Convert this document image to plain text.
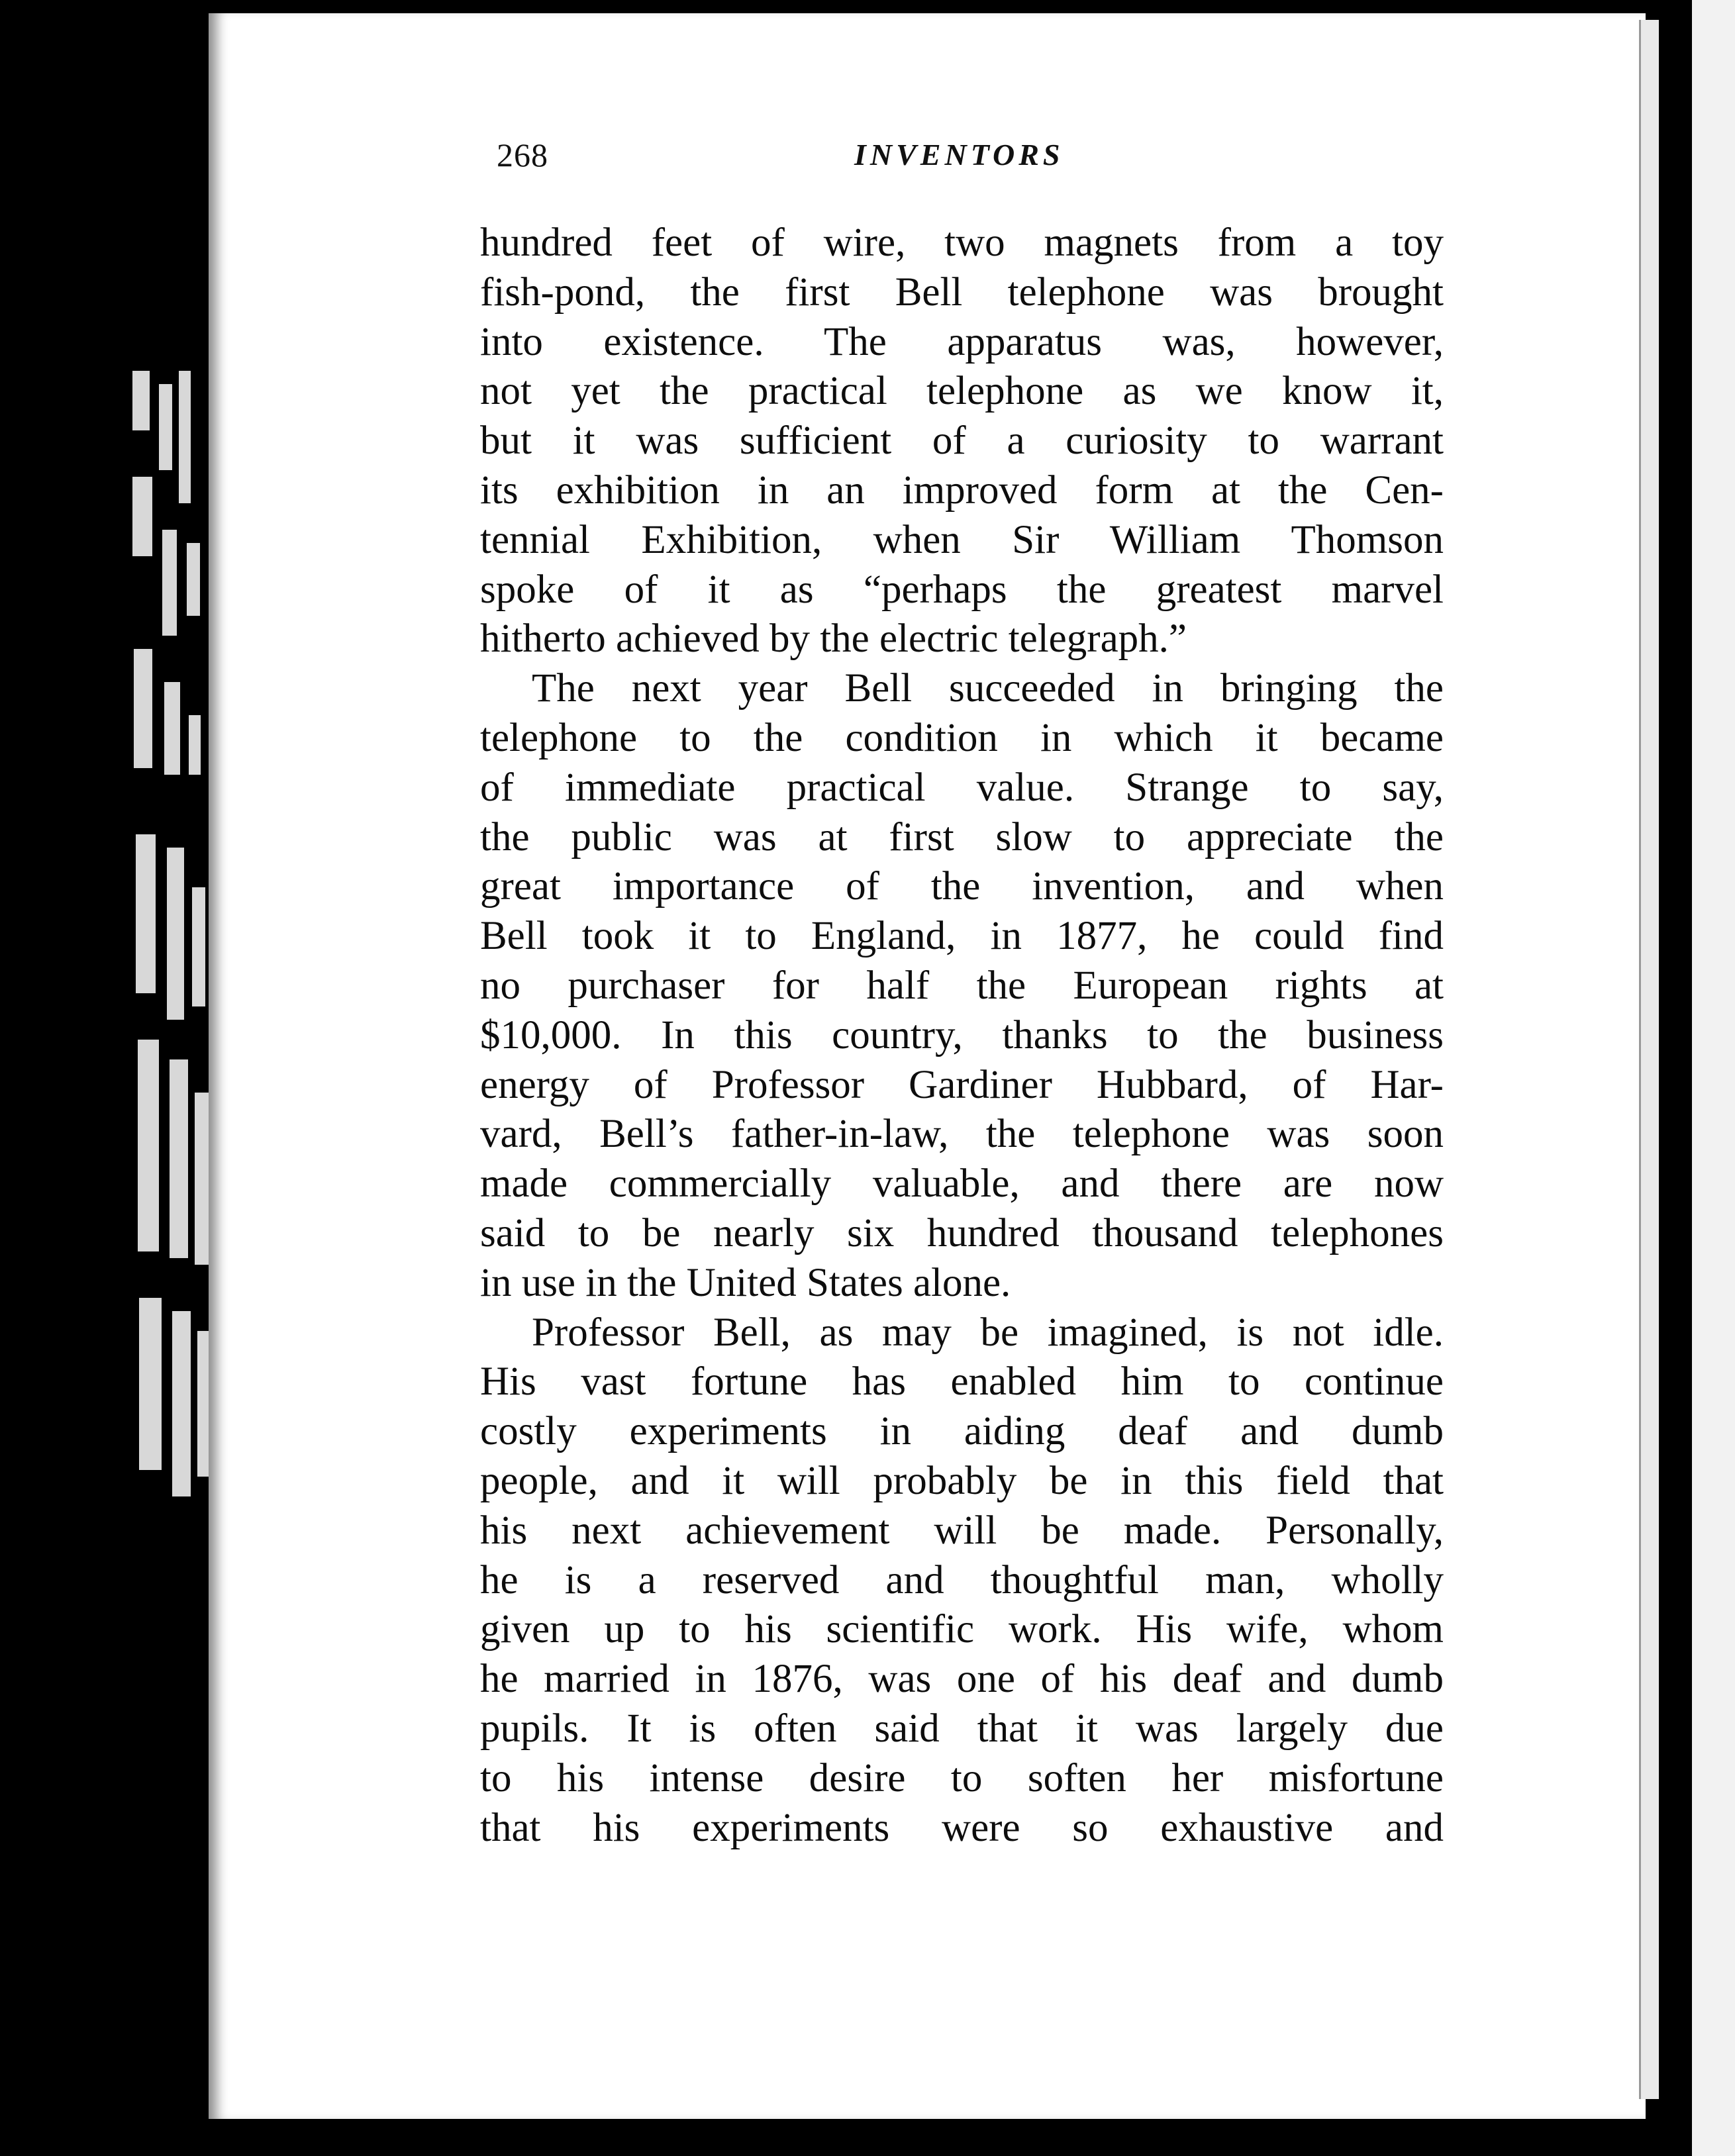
268	INVENTORS
hundred feet of wire, two magnets from a toy
fish-pond, the first Bell telephone was brought
into existence. The apparatus was, however,
not yet the practical telephone as we know it,
but it was sufficient of a curiosity to warrant
its exhibition in an improved form at the Cen-
tennial Exhibition, when Sir William Thomson
spoke of it as “perhaps the greatest marvel
hitherto achieved by the electric telegraph.”
The next year Bell succeeded in bringing the
telephone to the condition in which it became
of immediate practical value. Strange to say,
the public was at first slow to appreciate the
great importance of the invention, and when
Bell took it to England, in 1877, he could find
no purchaser for half the European rights at
$10,000. In this country, thanks to the business
energy of Professor Gardiner Hubbard, of Har-
vard, Bell’s father-in-law, the telephone was soon
made commercially valuable, and there are now
said to be nearly six hundred thousand telephones
in use in the United States alone.
Professor Bell, as may be imagined, is not idle.
His vast fortune has enabled him to continue
costly experiments in aiding deaf and dumb
people, and it will probably be in this field that
his next achievement will be made. Personally,
he is a reserved and thoughtful man, wholly
given up to his scientific work. His wife, whom
he married in 1876, was one of his deaf and dumb
pupils. It is often said that it was largely due
to his intense desire to soften her misfortune
that his experiments were so exhaustive and
